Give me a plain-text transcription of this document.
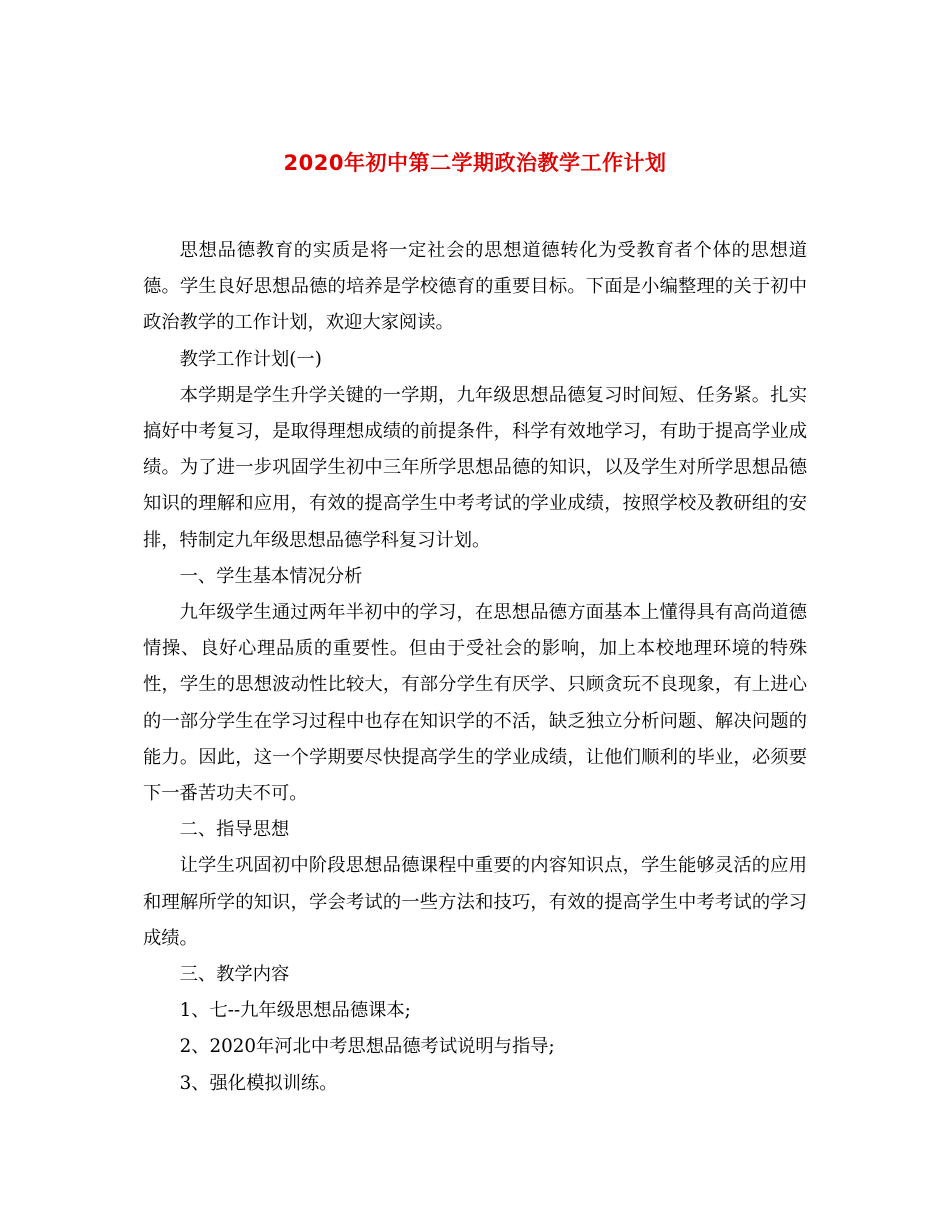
2020年初中第二学期政治教学工作计划

思想品德教育的实质是将一定社会的思想道德转化为受教育者个体的思想道德。学生良好思想品德的培养是学校德育的重要目标。下面是小编整理的关于初中政治教学的工作计划，欢迎大家阅读。

教学工作计划(一)

本学期是学生升学关键的一学期，九年级思想品德复习时间短、任务紧。扎实搞好中考复习，是取得理想成绩的前提条件，科学有效地学习，有助于提高学业成绩。为了进一步巩固学生初中三年所学思想品德的知识，以及学生对所学思想品德知识的理解和应用，有效的提高学生中考考试的学业成绩，按照学校及教研组的安排，特制定九年级思想品德学科复习计划。

一、学生基本情况分析

九年级学生通过两年半初中的学习，在思想品德方面基本上懂得具有高尚道德情操、良好心理品质的重要性。但由于受社会的影响，加上本校地理环境的特殊性，学生的思想波动性比较大，有部分学生有厌学、只顾贪玩不良现象，有上进心的一部分学生在学习过程中也存在知识学的不活，缺乏独立分析问题、解决问题的能力。因此，这一个学期要尽快提高学生的学业成绩，让他们顺利的毕业，必须要下一番苦功夫不可。

二、指导思想

让学生巩固初中阶段思想品德课程中重要的内容知识点，学生能够灵活的应用和理解所学的知识，学会考试的一些方法和技巧，有效的提高学生中考考试的学习成绩。

三、教学内容

1、七--九年级思想品德课本;

2、2020年河北中考思想品德考试说明与指导;

3、强化模拟训练。
